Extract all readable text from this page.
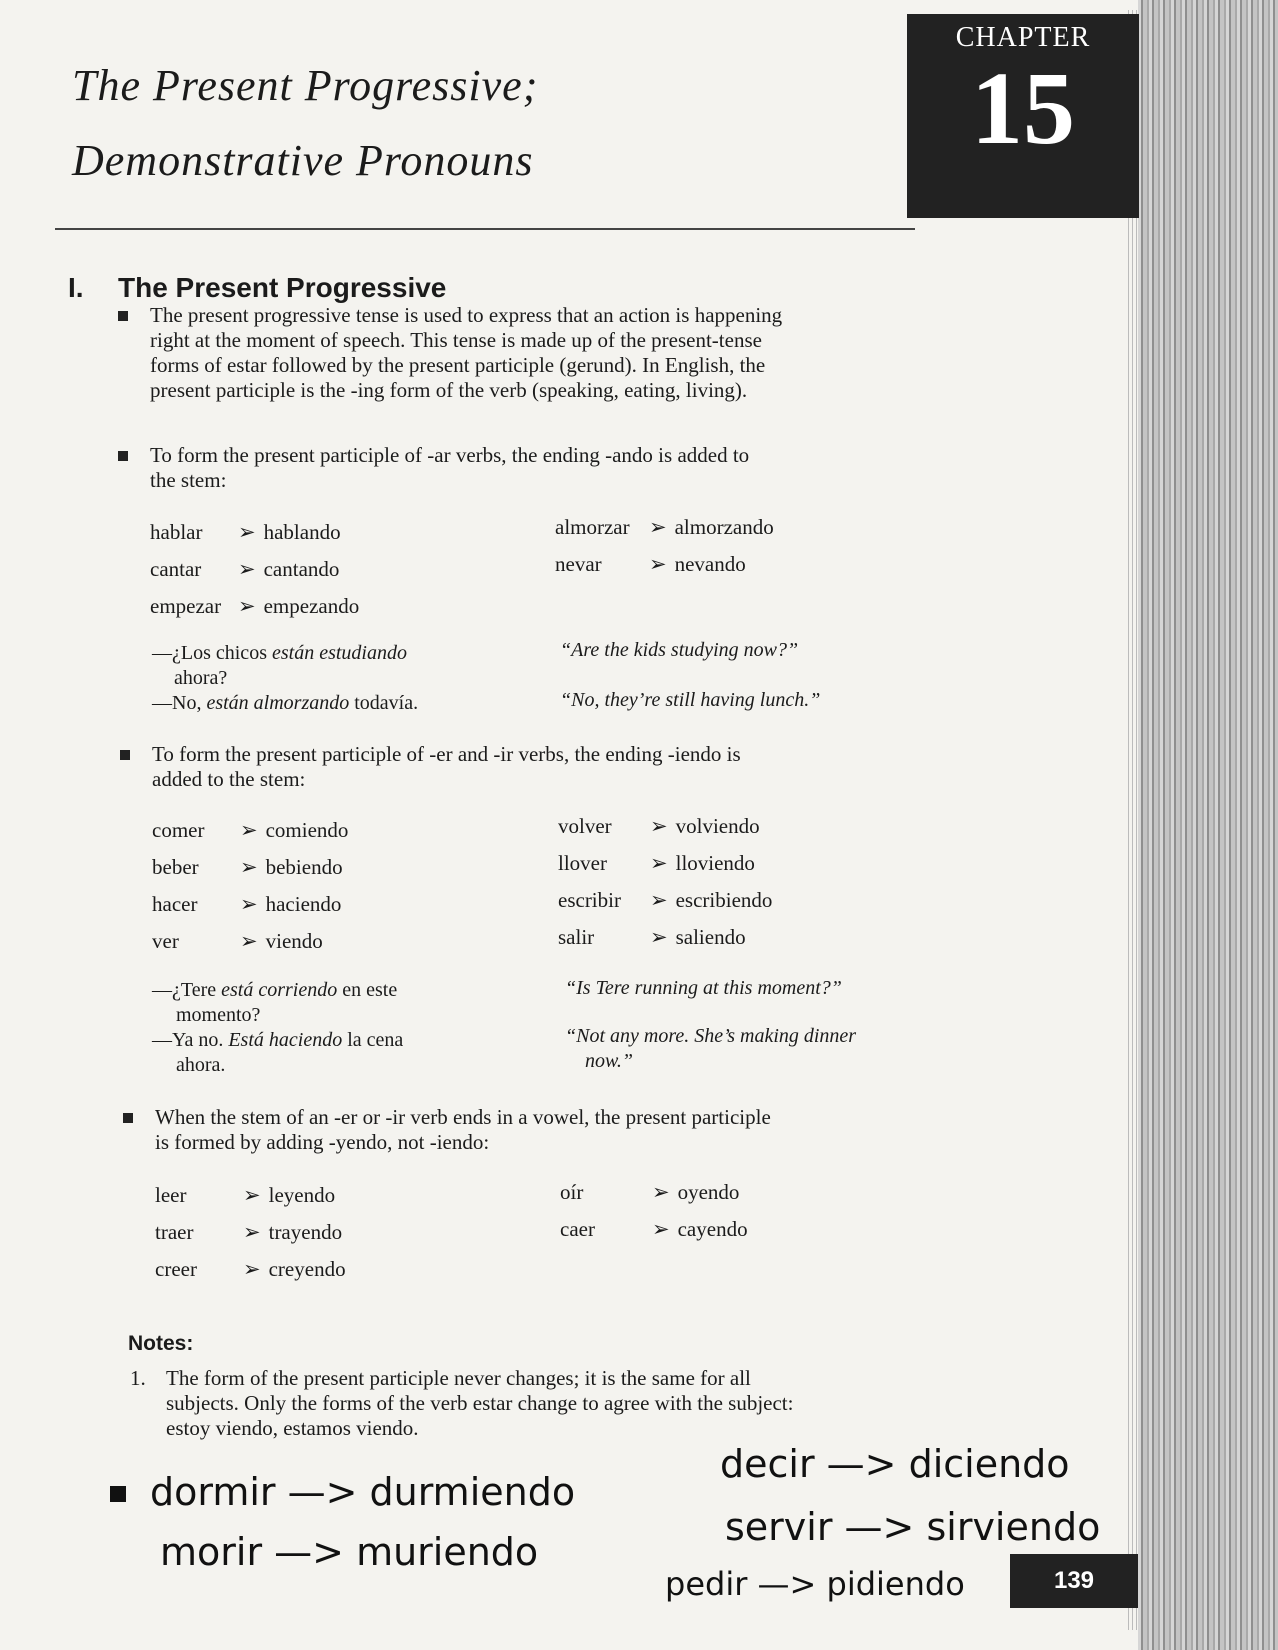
The Present Progressive;
Demonstrative Pronouns
CHAPTER
15
I. The Present Progressive
The present progressive tense is used to express that an action is happening
right at the moment of speech. This tense is made up of the present-tense
forms of estar followed by the present participle (gerund). In English, the
present participle is the -ing form of the verb (speaking, eating, living).
To form the present participle of -ar verbs, the ending -ando is added to
the stem:
hablar ➢ hablando
cantar ➢ cantando
empezar ➢ empezando
almorzar ➢ almorzando
nevar ➢ nevando
—¿Los chicos están estudiando
ahora?
—No, están almorzando todavía.
“Are the kids studying now?”
“No, they’re still having lunch.”
To form the present participle of -er and -ir verbs, the ending -iendo is
added to the stem:
comer ➢ comiendo
beber ➢ bebiendo
hacer ➢ haciendo
ver	➢ viendo
volver ➢ volviendo
llover ➢ lloviendo
escribir ➢ escribiendo
salir	➢ saliendo
—¿Tere está corriendo en este
momento?
—Ya no. Está haciendo la cena
ahora.
“Is Tere running at this moment?”
“Not any more. She’s making dinner
now.”
When the stem of an -er or -ir verb ends in a vowel, the present participle
is formed by adding -yendo, not -iendo:
leer	➢ leyendo
traer ➢ trayendo
creer ➢ creyendo
oír	➢ oyendo
caer	➢ cayendo
Notes:
1. The form of the present participle never changes; it is the same for all
subjects. Only the forms of the verb estar change to agree with the subject:
estoy viendo, estamos viendo.
dormir —> durmiendo
morir —> muriendo
decir —> diciendo
servir —> sirviendo
pedir —> pidiendo	139
